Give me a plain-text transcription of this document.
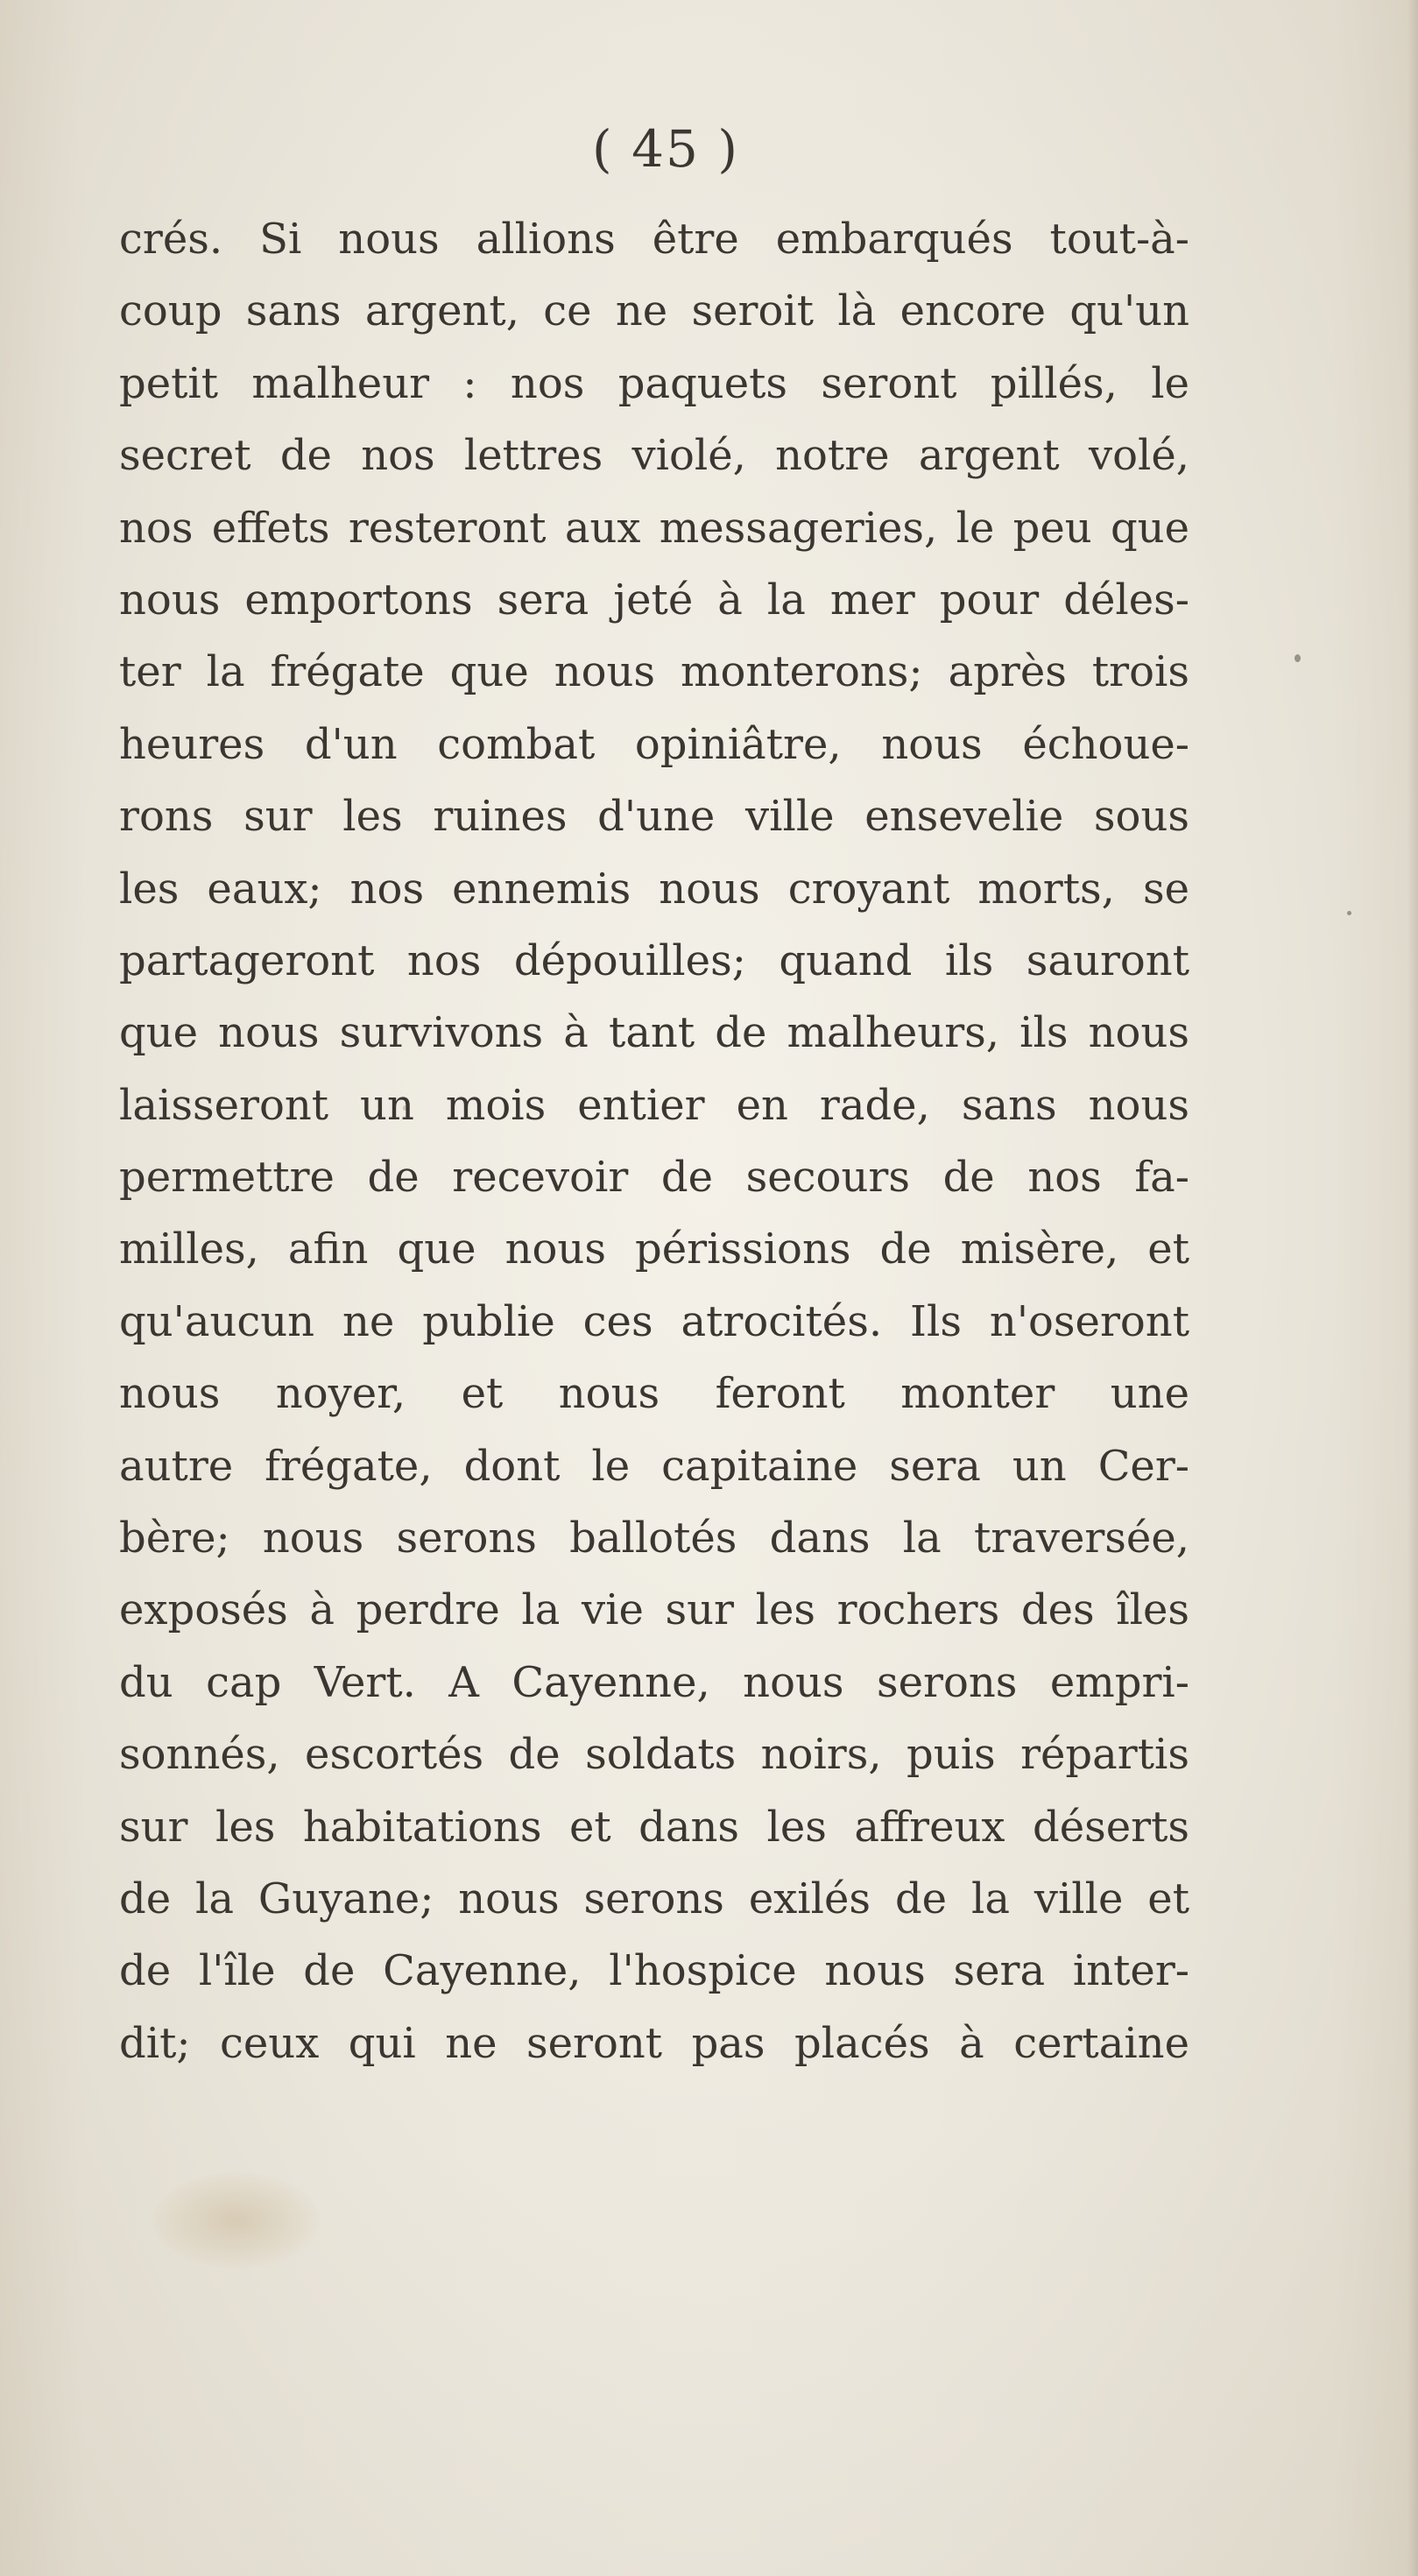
( 45 )
crés. Si nous allions être embarqués tout-à-
coup sans argent, ce ne seroit là encore qu'un
petit malheur : nos paquets seront pillés, le
secret de nos lettres violé, notre argent volé,
nos effets resteront aux messageries, le peu que
nous emportons sera jeté à la mer pour déles-
ter la frégate que nous monterons; après trois
heures d'un combat opiniâtre, nous échoue-
rons sur les ruines d'une ville ensevelie sous
les eaux; nos ennemis nous croyant morts, se
partageront nos dépouilles; quand ils sauront
que nous survivons à tant de malheurs, ils nous
laisseront un mois entier en rade, sans nous
permettre de recevoir de secours de nos fa-
milles, afin que nous périssions de misère, et
qu'aucun ne publie ces atrocités. Ils n'oseront
nous noyer, et nous feront monter une
autre frégate, dont le capitaine sera un Cer-
bère; nous serons ballotés dans la traversée,
exposés à perdre la vie sur les rochers des îles
du cap Vert. A Cayenne, nous serons empri-
sonnés, escortés de soldats noirs, puis répartis
sur les habitations et dans les affreux déserts
de la Guyane; nous serons exilés de la ville et
de l'île de Cayenne, l'hospice nous sera inter-
dit; ceux qui ne seront pas placés à certaine
